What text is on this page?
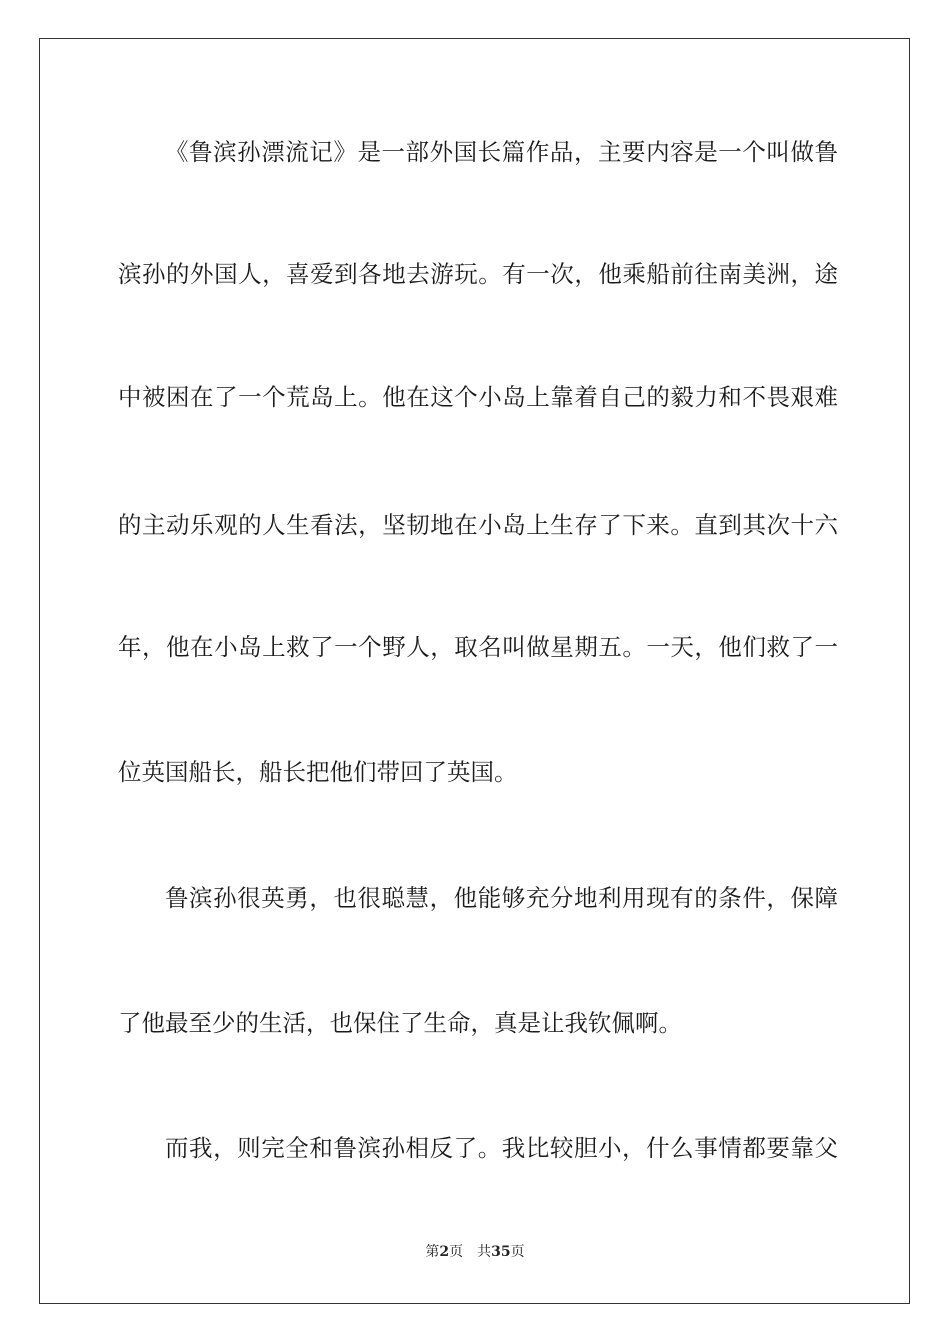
《鲁滨孙漂流记》是一部外国长篇作品，主要内容是一个叫做鲁
滨孙的外国人，喜爱到各地去游玩。有一次，他乘船前往南美洲，途
中被困在了一个荒岛上。他在这个小岛上靠着自己的毅力和不畏艰难
的主动乐观的人生看法，坚韧地在小岛上生存了下来。直到其次十六
年，他在小岛上救了一个野人，取名叫做星期五。一天，他们救了一
位英国船长，船长把他们带回了英国。
鲁滨孙很英勇，也很聪慧，他能够充分地利用现有的条件，保障
了他最至少的生活，也保住了生命，真是让我钦佩啊。
而我，则完全和鲁滨孙相反了。我比较胆小，什么事情都要靠父
第2页　 共35页
